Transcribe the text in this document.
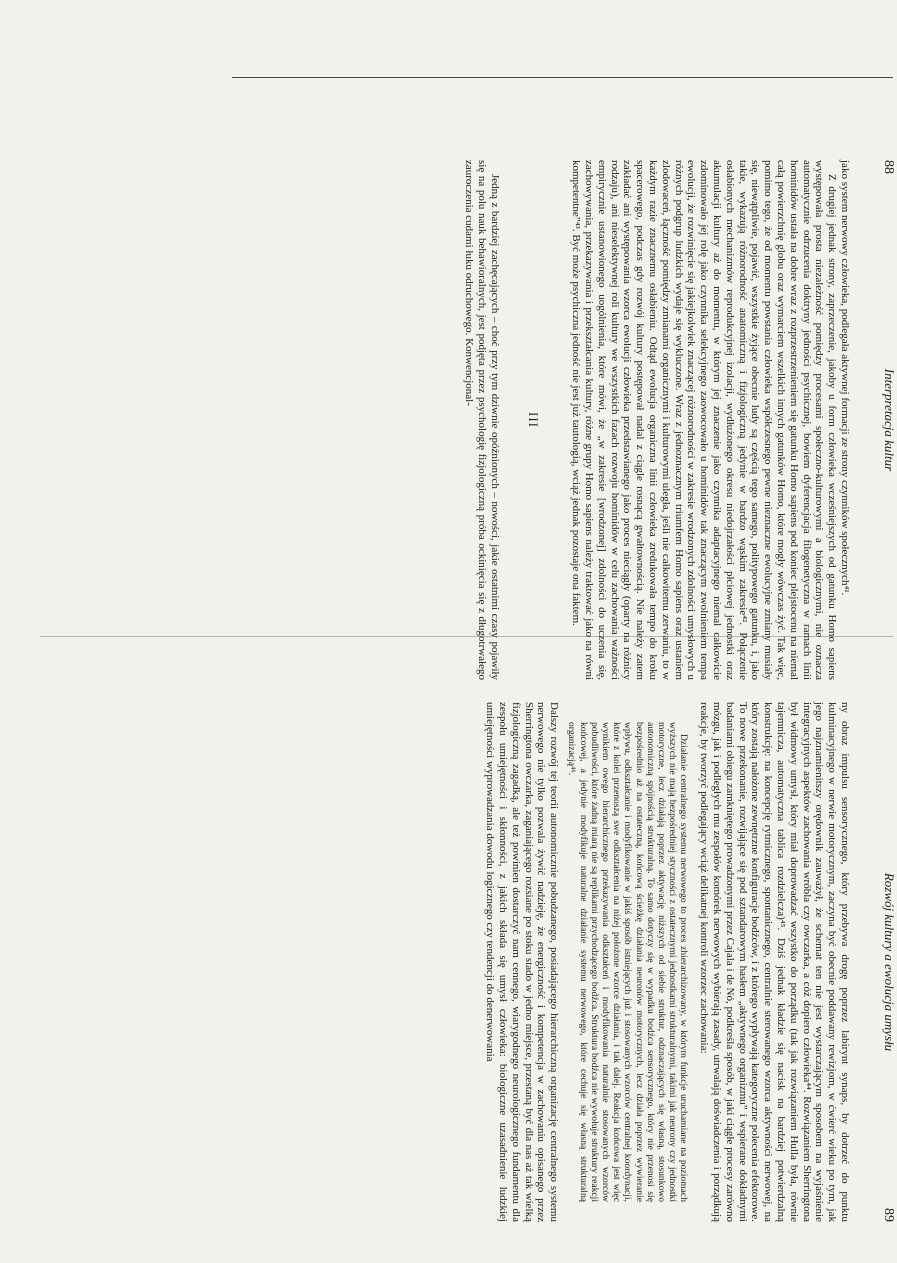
88
Interpretacja kultur

jako system nerwowy człowieka, podlegała aktywnej formacji ze strony czynników społecznych⁴¹.

Z drugiej jednak strony, zaprzeczenie, jakoby u form człowieka wcześniejszych od gatunku Homo sapiens występowała prosta niezależność pomiędzy procesami społeczno-kulturowymi a biologicznymi, nie oznacza automatycznie odrzucenia doktryny jedności psychicznej, bowiem dyferencjacja filogenetyczna w ramach linii hominidów ustała na dobre wraz z rozprzestrzenieniem się gatunku Homo sapiens pod koniec plejstocenu na niemal całą powierzchnię globu oraz wymarciem wszelkich innych gatunków Homo, które mogły wówczas żyć. Tak więc, pomimo tego, że od momentu powstania człowieka współczesnego pewne nieznaczne ewolucyjne zmiany musiały się, niewątpliwie, pojawić, wszystkie żyjące obecnie ludy są częścią tego samego, politypowego gatunku, i, jako takie, wykazują różnorodność anatomiczną i fizjologiczną jedynie w bardzo wąskim zakresie⁴². Połączenie osłabionych mechanizmów reprodukcyjnej izolacji, wydłużonego okresu niedojrzałości płciowej jednostki oraz akumulacji kultury aż do momentu, w którym jej znaczenie jako czynnika adaptacyjnego niemal całkowicie zdominowało jej rolę jako czynnika selekcyjnego zaowocowało u hominidów tak znaczącym zwolnieniem tempa ewolucji, że rozwinięcie się jakiejkolwiek znaczącej różnorodności w zakresie wrodzonych zdolności umysłowych u różnych podgrup ludzkich wydaje się wykluczone. Wraz z jednoznacznym triumfem Homo sapiens oraz ustaniem zlodowaceń, łączność pomiędzy zmianami organicznymi i kulturowymi uległa, jeśli nie całkowitemu zerwaniu, to w każdym razie znacznemu osłabieniu. Odtąd ewolucja organiczna linii człowieka zredukowała tempo do kroku spacerowego, podczas gdy rozwój kultury postępował nadal z ciągle rosnącą gwałtownością. Nie należy zatem zakładać ani występowania wzorca ewolucji człowieka przedstawianego jako proces nieciągły (oparty na różnicy rodzaju), ani nieselektywnej roli kultury we wszystkich fazach rozwoju hominidów w celu zachowania ważności empirycznie ustanowionego uogólnienia, które mówi, że „w zakresie [wrodzonej] zdolności do uczenia się, zachowywania, przekazywania i przekształcania kultury, różne grupy Homo sapiens należy traktować jako na równi kompetentne”⁴³. Być może psychiczna jedność nie jest już tautologią, wciąż jednak pozostaje ona faktem.

III

Jedną z bardziej zachęcających – choć przy tym dziwnie opóźnionych – nowości, jakie ostatnimi czasy pojawiły się na polu nauk behawioralnych, jest podjęta przez psychologię fizjologiczną próba ockinięcia się z długotrwałego zauroczenia cudami łuku odruchowego. Konwencjonal-

Rozwój kultury a ewolucja umysłu
89

ny obraz impulsu sensorycznego, który przebywa drogę poprzez labirynt synaps, by dotrzeć do punktu kulminacyjnego w nerwie motorycznym, zaczyna być obecnie poddawany rewizjom, w ćwierć wieku po tym, jak jego najznamienitszy orędownik zauważył, że schemat ten nie jest wystarczającym sposobem na wyjaśnienie integracyjnych aspektów zachowania wróbla czy owczarka, a cóż dopiero człowieka⁴⁴. Rozwiązaniem Sherringtona był widmowy umysł, który miał doprowadzać wszystko do porządku (tak jak rozwiązaniem Hulla była, równie tajemnicza, automatyczna tablica rozdzielcza)⁴⁵. Dziś jednak kładzie się nacisk na bardziej potwierdzalną konstrukcję: na koncepcję rytmicznego, spontanicznego, centralnie sterowanego wzorca aktywności nerwowej, na który zostają nałożone zewnętrzne konfiguracje bodźców, i z którego wypływają kategoryczne polecenia efektorowe. To nowe przekonanie, rozwijające się pod sztandarowym hasłem „aktywnego organizmu” i wspierane dokładnymi badaniami obiegu zamkniętego prowadzonymi przez Cajala i de Nó, podkreśla sposób, w jaki ciągłe procesy zarówno mózgu, jak i podległych mu zespołów komórek nerwowych wybierają zasady, utrwalają doświadczenia i porządkują reakcje, by tworzyć podlegający wciąż delikatnej kontroli wzorzec zachowania:

Działanie centralnego systemu nerwowego to proces zhierarchizowany, w którym funkcje uruchamiane na poziomach wyższych nie mają bezpośredniej styczności z ostatecznymi jednostkami strukturalnymi, takimi jak neurony czy jednostki motoryczne, lecz działają poprzez aktywację niższych od siebie struktur, odznaczających się własną, stosunkowo autonomiczną spójnością strukturalną. To samo dotyczy się w wypadku bodźca sensorycznego, który nie przenosi się bezpośrednio aż na ostateczną, końcową ścieżkę działania neuronów motorycznych, lecz działa poprzez wywieranie wpływu, odkształcanie i modyfikowanie w jakiś sposób istniejących już i stosowanych wzorców centralnej koordynacji, które z kolei przenoszą swe odkształcenia na niżej położone wzorce działania, i tak dalej. Reakcja końcowa jest więc wynikiem owego hierarchicznego przekazywania odkształceń i modyfikowania naturalnie stosowanych wzorców pobudliwości, które żadną miarą nie są replikami przychodzącego bodźca. Struktura bodźca nie wywołuje struktury reakcji końcowej, a jedynie modyfikuje naturalne działanie systemu nerwowego, które cechuje się własną strukturalną organizacją⁴⁶.

Dalszy rozwój tej teorii autonomicznie pobudzanego, posiadającego hierarchiczną organizację centralnego systemu nerwowego nie tylko pozwala żywić nadzieję, że energiczność i kompetencja w zachowaniu opisanego przez Sherringtona owczarka, zaganiającego rozsiane po stoku stado w jedno miejsce, przestaną być dla nas aż tak wielką fizjologiczną zagadką, ale też powinien dostarczyć nam cennego, wiarygodnego neurologicznego fundamentu dla zespołu umiejętności i skłonności, z jakich składa się umysł człowieka: biologiczne uzasadnienie ludzkiej umiejętności wyprowadzania dowodu logicznego czy tendencji do denerwowania
